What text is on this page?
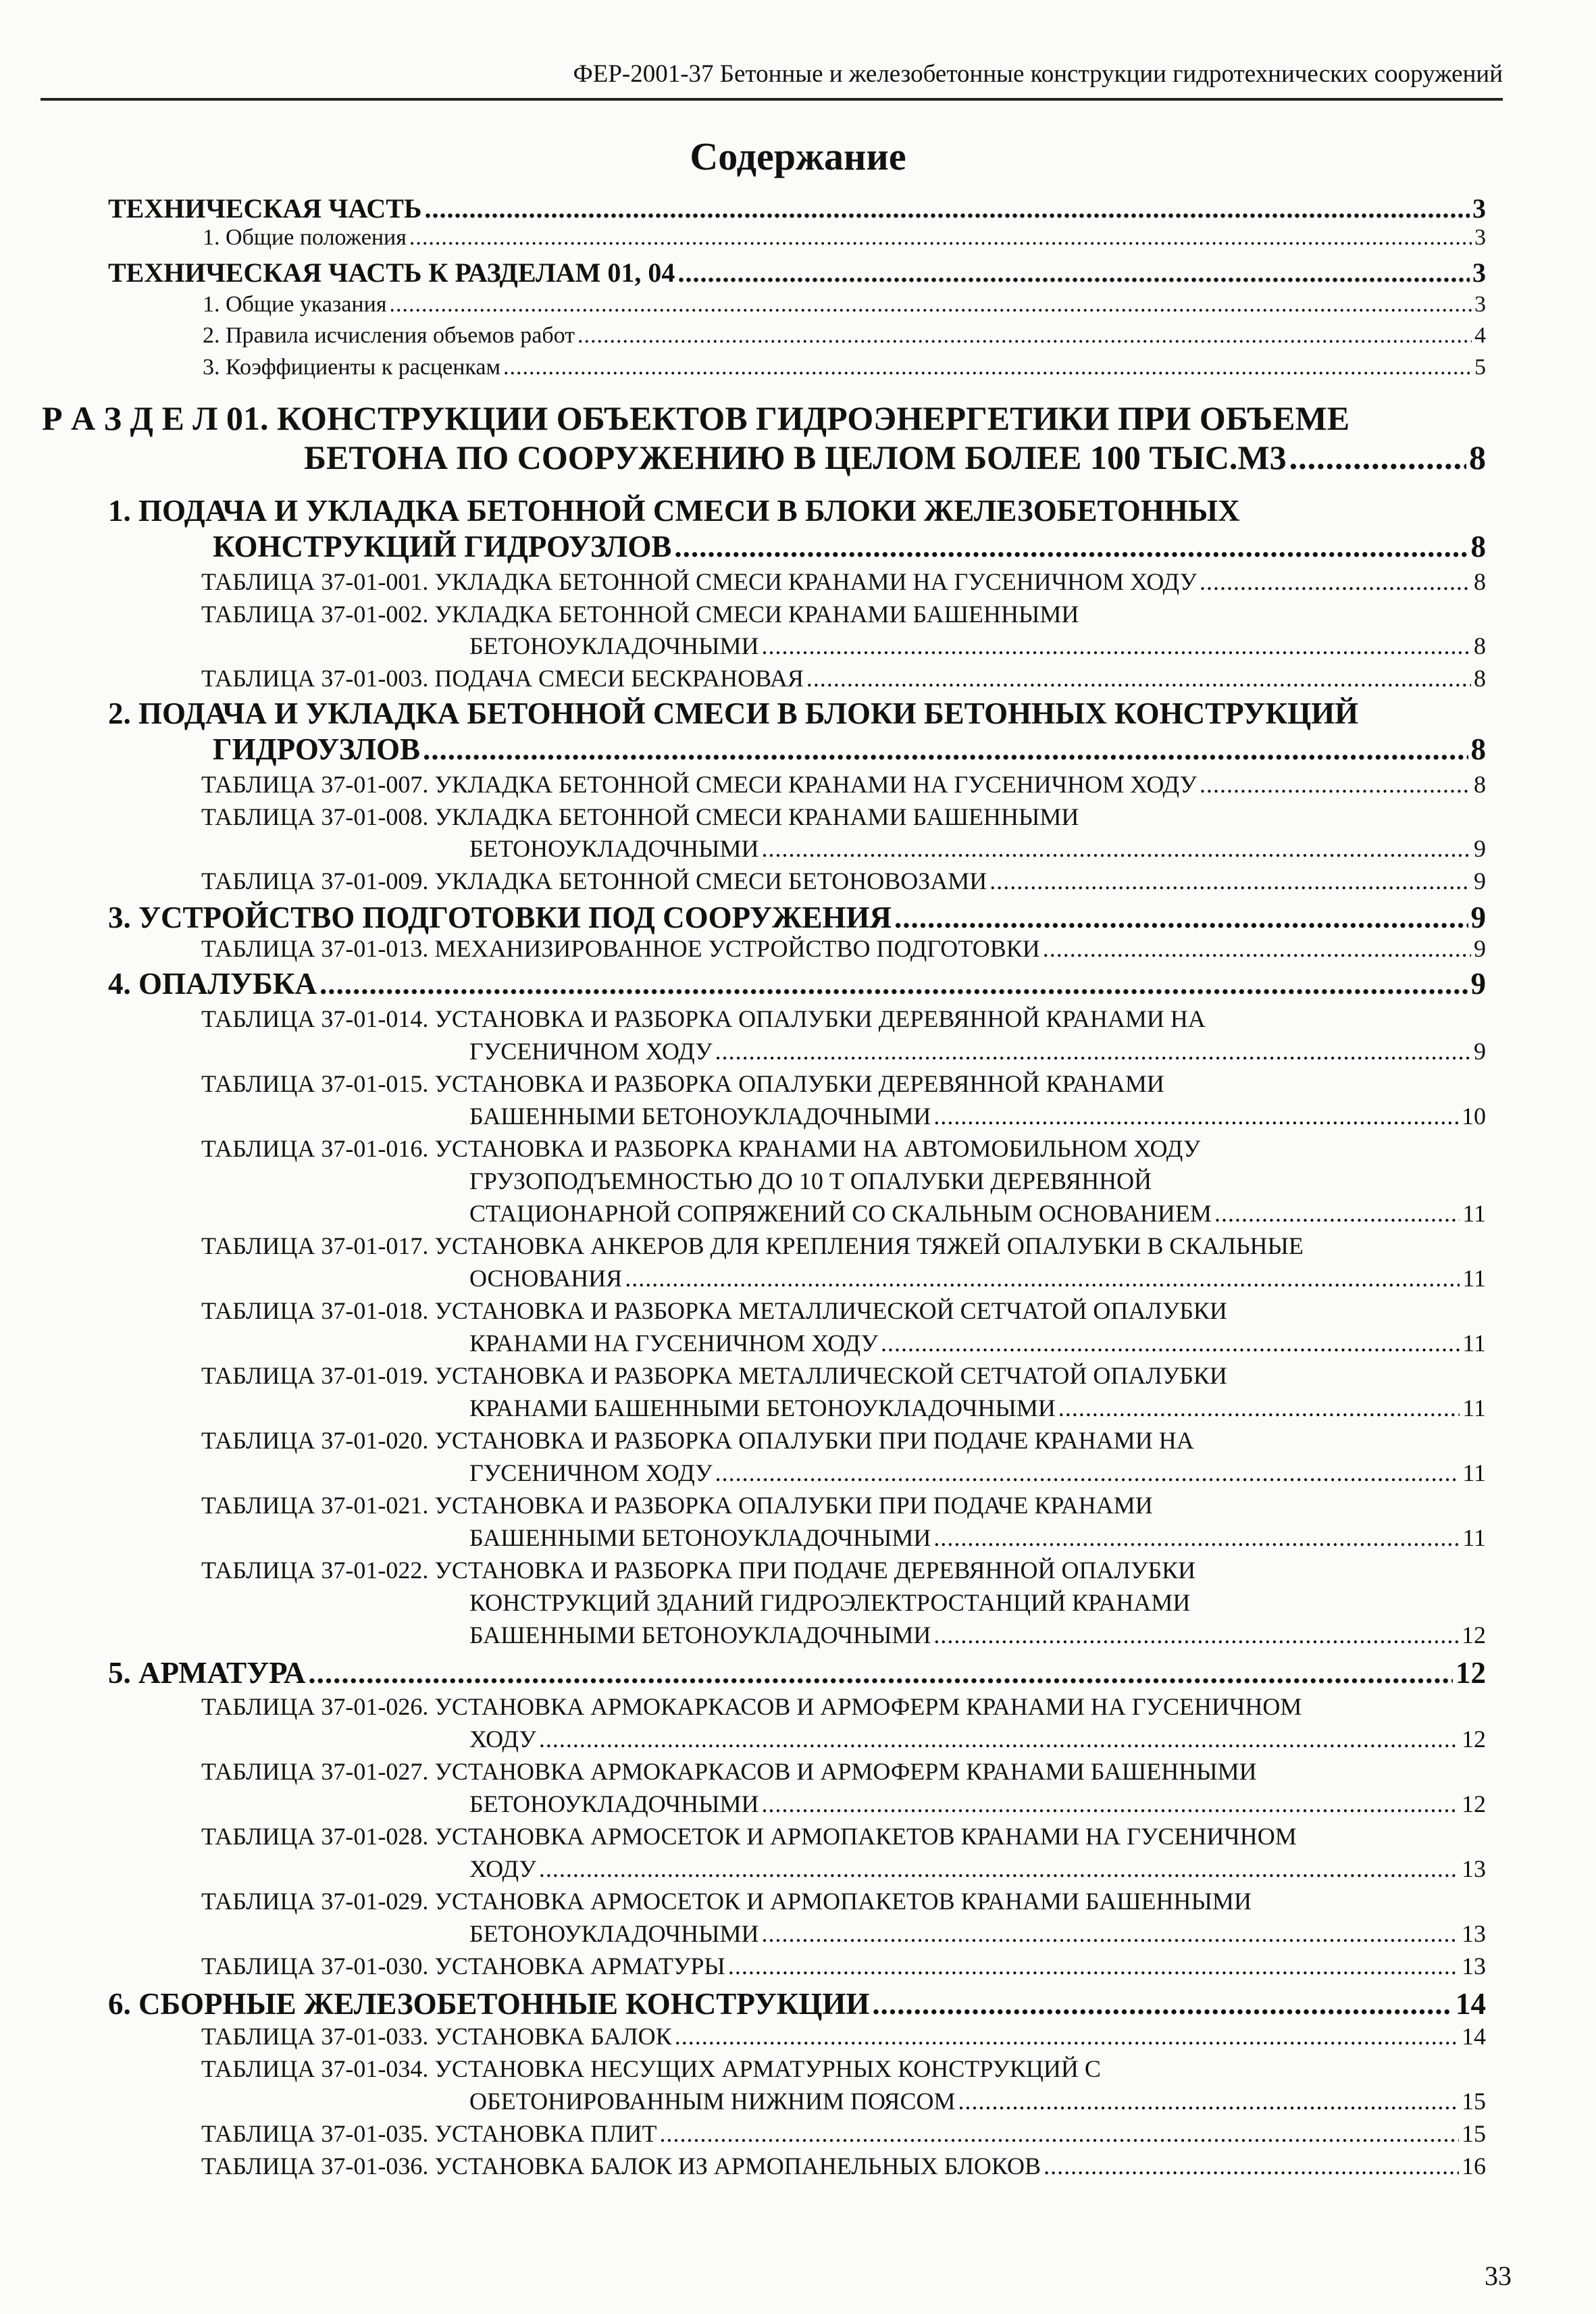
ФЕР-2001-37 Бетонные и железобетонные конструкции гидротехнических сооружений
Содержание
ТЕХНИЧЕСКАЯ ЧАСТЬ .....	3
1. Общие положения .....	3
ТЕХНИЧЕСКАЯ ЧАСТЬ К РАЗДЕЛАМ 01, 04 .....	3
1. Общие указания .....	3
2. Правила исчисления объемов работ .....	4
3. Коэффициенты к расценкам .....	5
Р А З Д Е Л 01. КОНСТРУКЦИИ ОБЪЕКТОВ ГИДРОЭНЕРГЕТИКИ ПРИ ОБЪЕМЕ
БЕТОНА ПО СООРУЖЕНИЮ В ЦЕЛОМ БОЛЕЕ 100 ТЫС.М3 .....	8
1. ПОДАЧА И УКЛАДКА БЕТОННОЙ СМЕСИ В БЛОКИ ЖЕЛЕЗОБЕТОННЫХ
КОНСТРУКЦИЙ ГИДРОУЗЛОВ .....	8
ТАБЛИЦА 37-01-001. УКЛАДКА БЕТОННОЙ СМЕСИ КРАНАМИ НА ГУСЕНИЧНОМ ХОДУ .....	8
ТАБЛИЦА 37-01-002. УКЛАДКА БЕТОННОЙ СМЕСИ КРАНАМИ БАШЕННЫМИ
БЕТОНОУКЛАДОЧНЫМИ .....	8
ТАБЛИЦА 37-01-003. ПОДАЧА СМЕСИ БЕСКРАНОВАЯ .....	8
2. ПОДАЧА И УКЛАДКА БЕТОННОЙ СМЕСИ В БЛОКИ БЕТОННЫХ КОНСТРУКЦИЙ
ГИДРОУЗЛОВ .....	8
ТАБЛИЦА 37-01-007. УКЛАДКА БЕТОННОЙ СМЕСИ КРАНАМИ НА ГУСЕНИЧНОМ ХОДУ .....	8
ТАБЛИЦА 37-01-008. УКЛАДКА БЕТОННОЙ СМЕСИ КРАНАМИ БАШЕННЫМИ
БЕТОНОУКЛАДОЧНЫМИ .....	9
ТАБЛИЦА 37-01-009. УКЛАДКА БЕТОННОЙ СМЕСИ БЕТОНОВОЗАМИ .....	9
3. УСТРОЙСТВО ПОДГОТОВКИ ПОД СООРУЖЕНИЯ .....	9
ТАБЛИЦА 37-01-013. МЕХАНИЗИРОВАННОЕ УСТРОЙСТВО ПОДГОТОВКИ .....	9
4. ОПАЛУБКА .....	9
ТАБЛИЦА 37-01-014. УСТАНОВКА И РАЗБОРКА ОПАЛУБКИ ДЕРЕВЯННОЙ КРАНАМИ НА
ГУСЕНИЧНОМ ХОДУ .....	9
ТАБЛИЦА 37-01-015. УСТАНОВКА И РАЗБОРКА ОПАЛУБКИ ДЕРЕВЯННОЙ КРАНАМИ
БАШЕННЫМИ БЕТОНОУКЛАДОЧНЫМИ .....	10
ТАБЛИЦА 37-01-016. УСТАНОВКА И РАЗБОРКА КРАНАМИ НА АВТОМОБИЛЬНОМ ХОДУ
ГРУЗОПОДЪЕМНОСТЬЮ ДО 10 Т ОПАЛУБКИ ДЕРЕВЯННОЙ
СТАЦИОНАРНОЙ СОПРЯЖЕНИЙ СО СКАЛЬНЫМ ОСНОВАНИЕМ .....	11
ТАБЛИЦА 37-01-017. УСТАНОВКА АНКЕРОВ ДЛЯ КРЕПЛЕНИЯ ТЯЖЕЙ ОПАЛУБКИ В СКАЛЬНЫЕ
ОСНОВАНИЯ .....	11
ТАБЛИЦА 37-01-018. УСТАНОВКА И РАЗБОРКА МЕТАЛЛИЧЕСКОЙ СЕТЧАТОЙ ОПАЛУБКИ
КРАНАМИ НА ГУСЕНИЧНОМ ХОДУ .....	11
ТАБЛИЦА 37-01-019. УСТАНОВКА И РАЗБОРКА МЕТАЛЛИЧЕСКОЙ СЕТЧАТОЙ ОПАЛУБКИ
КРАНАМИ БАШЕННЫМИ БЕТОНОУКЛАДОЧНЫМИ .....	11
ТАБЛИЦА 37-01-020. УСТАНОВКА И РАЗБОРКА ОПАЛУБКИ ПРИ ПОДАЧЕ КРАНАМИ НА
ГУСЕНИЧНОМ ХОДУ .....	11
ТАБЛИЦА 37-01-021. УСТАНОВКА И РАЗБОРКА ОПАЛУБКИ ПРИ ПОДАЧЕ КРАНАМИ
БАШЕННЫМИ БЕТОНОУКЛАДОЧНЫМИ .....	11
ТАБЛИЦА 37-01-022. УСТАНОВКА И РАЗБОРКА ПРИ ПОДАЧЕ ДЕРЕВЯННОЙ ОПАЛУБКИ
КОНСТРУКЦИЙ ЗДАНИЙ ГИДРОЭЛЕКТРОСТАНЦИЙ КРАНАМИ
БАШЕННЫМИ БЕТОНОУКЛАДОЧНЫМИ .....	12
5. АРМАТУРА .....	12
ТАБЛИЦА 37-01-026. УСТАНОВКА АРМОКАРКАСОВ И АРМОФЕРМ КРАНАМИ НА ГУСЕНИЧНОМ
ХОДУ .....	12
ТАБЛИЦА 37-01-027. УСТАНОВКА АРМОКАРКАСОВ И АРМОФЕРМ КРАНАМИ БАШЕННЫМИ
БЕТОНОУКЛАДОЧНЫМИ .....	12
ТАБЛИЦА 37-01-028. УСТАНОВКА АРМОСЕТОК И АРМОПАКЕТОВ КРАНАМИ НА ГУСЕНИЧНОМ
ХОДУ .....	13
ТАБЛИЦА 37-01-029. УСТАНОВКА АРМОСЕТОК И АРМОПАКЕТОВ КРАНАМИ БАШЕННЫМИ
БЕТОНОУКЛАДОЧНЫМИ .....	13
ТАБЛИЦА 37-01-030. УСТАНОВКА АРМАТУРЫ .....	13
6. СБОРНЫЕ ЖЕЛЕЗОБЕТОННЫЕ КОНСТРУКЦИИ .....	14
ТАБЛИЦА 37-01-033. УСТАНОВКА БАЛОК .....	14
ТАБЛИЦА 37-01-034. УСТАНОВКА НЕСУЩИХ АРМАТУРНЫХ КОНСТРУКЦИЙ С
ОБЕТОНИРОВАННЫМ НИЖНИМ ПОЯСОМ .....	15
ТАБЛИЦА 37-01-035. УСТАНОВКА ПЛИТ .....	15
ТАБЛИЦА 37-01-036. УСТАНОВКА БАЛОК ИЗ АРМОПАНЕЛЬНЫХ БЛОКОВ .....	16
33
